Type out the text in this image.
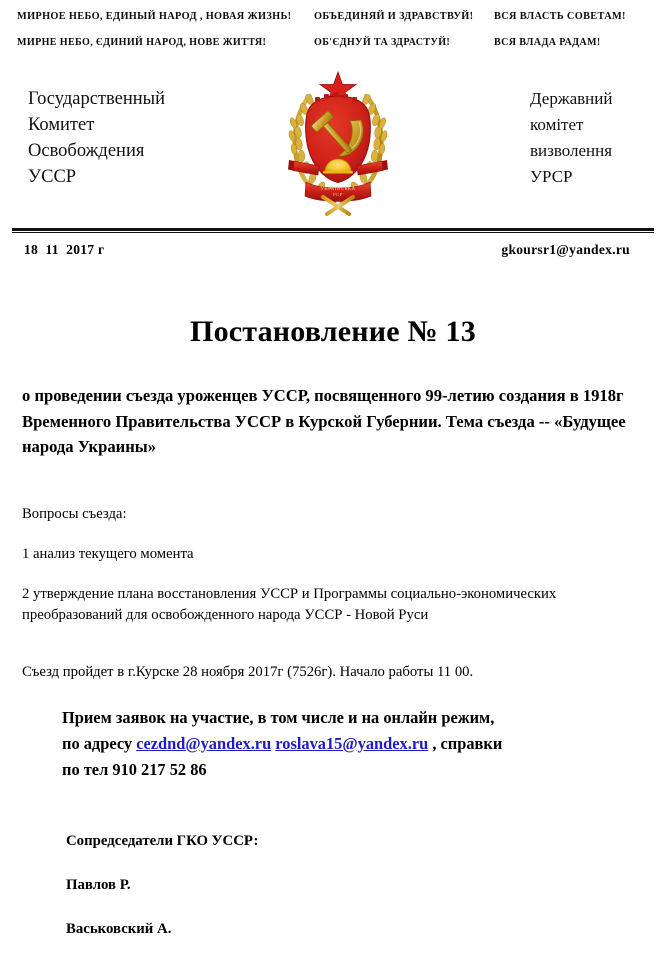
МИРНОЕ НЕБО, ЕДИНЫЙ НАРОД , НОВАЯ ЖИЗНЬ!	ОБЪЕДИНЯЙ И ЗДРАВСТВУЙ!	ВСЯ ВЛАСТЬ СОВЕТАМ!
МИРНЕ НЕБО, ЄДИНИЙ НАРОД, НОВЕ ЖИТТЯ!	ОБ'ЄДНУЙ ТА ЗДРАСТУЙ!	ВСЯ ВЛАДА РАДАМ!
Государственный
Комитет
Освобождения
УССР
УКРАIНСЬКА
РСР
Державний
комітет
визволення
УРСР
18  11  2017 г	gkoursr1@yandex.ru
Постановление № 13
о проведении съезда уроженцев УССР, посвященного 99-летию создания в 1918г Временного Правительства УССР в Курской Губернии. Тема съезда -- «Будущее народа Украины»

Вопросы съезда:

1 анализ текущего момента

2 утверждение плана восстановления УССР и Программы социально-экономических преобразований для освобожденного народа УССР - Новой Руси

Съезд пройдет в г.Курске 28 ноября 2017г (7526г). Начало работы 11 00.
Прием заявок на участие, в том числе и на онлайн режим,
по адресу cezdnd@yandex.ru roslava15@yandex.ru , справки
по тел 910 217 52 86

Сопредседатели ГКО УССР:

Павлов Р.

Васьковский А.
